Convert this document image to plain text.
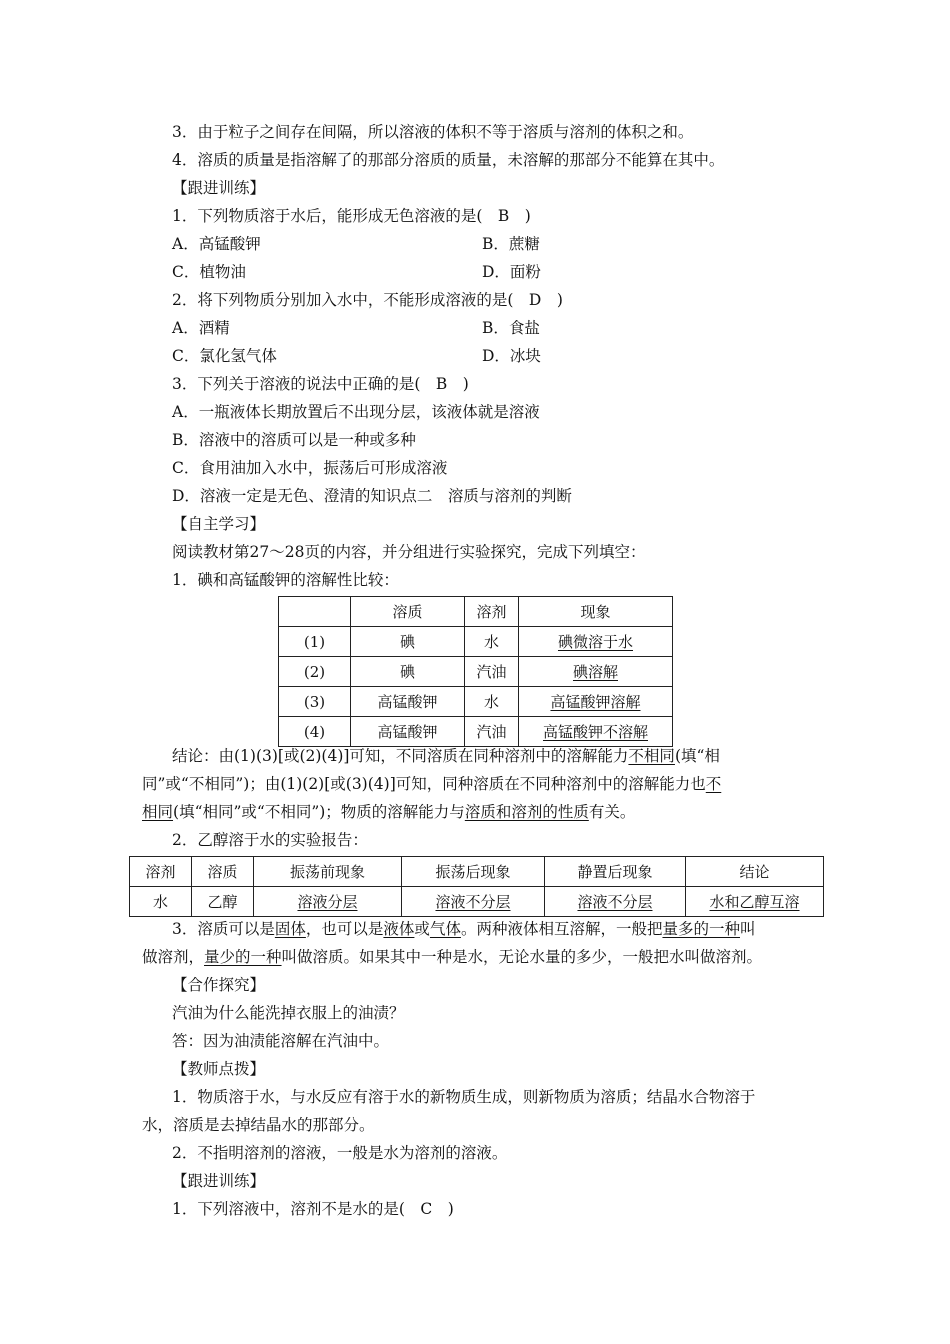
3．由于粒子之间存在间隔，所以溶液的体积不等于溶质与溶剂的体积之和。
4．溶质的质量是指溶解了的那部分溶质的质量，未溶解的那部分不能算在其中。
【跟进训练】
1．下列物质溶于水后，能形成无色溶液的是(　B　)
A．高锰酸钾	B．蔗糖
C．植物油	D．面粉
2．将下列物质分别加入水中，不能形成溶液的是(　D　)
A．酒精	B．食盐
C．氯化氢气体	D．冰块
3．下列关于溶液的说法中正确的是(　B　)
A．一瓶液体长期放置后不出现分层，该液体就是溶液
B．溶液中的溶质可以是一种或多种
C．食用油加入水中，振荡后可形成溶液
D．溶液一定是无色、澄清的知识点二　溶质与溶剂的判断
【自主学习】
阅读教材第27～28页的内容，并分组进行实验探究，完成下列填空：
1．碘和高锰酸钾的溶解性比较：
	溶质	溶剂	现象
(1)	碘	水	碘微溶于水
(2)	碘	汽油	碘溶解
(3)	高锰酸钾	水	高锰酸钾溶解
(4)	高锰酸钾	汽油	高锰酸钾不溶解
结论：由(1)(3)[或(2)(4)]可知，不同溶质在同种溶剂中的溶解能力不相同(填“相
同”或“不相同”)；由(1)(2)[或(3)(4)]可知，同种溶质在不同种溶剂中的溶解能力也不
相同(填“相同”或“不相同”)；物质的溶解能力与溶质和溶剂的性质有关。
2．乙醇溶于水的实验报告：
溶剂	溶质	振荡前现象	振荡后现象	静置后现象	结论
水	乙醇	溶液分层	溶液不分层	溶液不分层	水和乙醇互溶
3．溶质可以是固体，也可以是液体或气体。两种液体相互溶解，一般把量多的一种叫
做溶剂，量少的一种叫做溶质。如果其中一种是水，无论水量的多少，一般把水叫做溶剂。
【合作探究】
汽油为什么能洗掉衣服上的油渍？
答：因为油渍能溶解在汽油中。
【教师点拨】
1．物质溶于水，与水反应有溶于水的新物质生成，则新物质为溶质；结晶水合物溶于
水，溶质是去掉结晶水的那部分。
2．不指明溶剂的溶液，一般是水为溶剂的溶液。
【跟进训练】
1．下列溶液中，溶剂不是水的是(　C　)
